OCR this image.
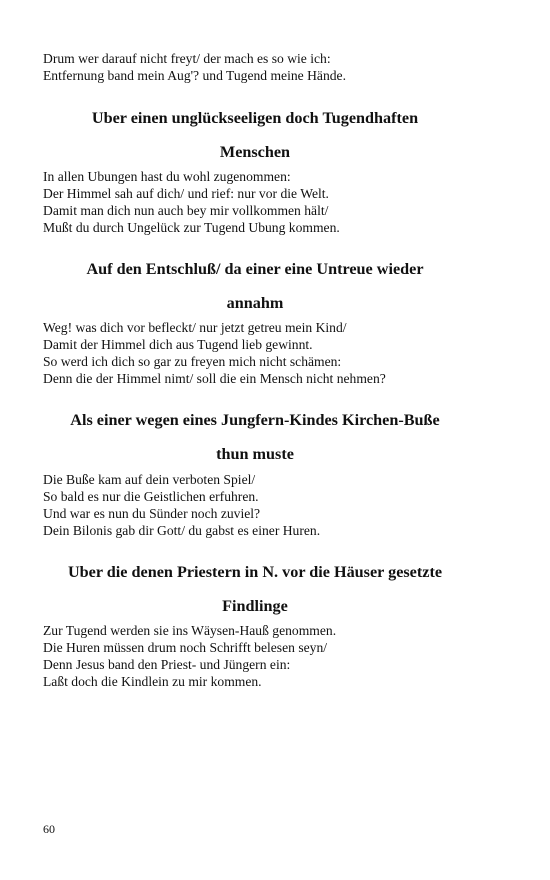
Drum wer darauf nicht freyt/ der mach es so wie ich:
Entfernung band mein Aug'? und Tugend meine Hände.
Uber einen unglückseeligen doch Tugendhaften
Menschen
In allen Ubungen hast du wohl zugenommen:
Der Himmel sah auf dich/ und rief: nur vor die Welt.
Damit man dich nun auch bey mir vollkommen hält/
Mußt du durch Ungelück zur Tugend Ubung kommen.
Auf den Entschluß/ da einer eine Untreue wieder
annahm
Weg! was dich vor befleckt/ nur jetzt getreu mein Kind/
Damit der Himmel dich aus Tugend lieb gewinnt.
So werd ich dich so gar zu freyen mich nicht schämen:
Denn die der Himmel nimt/ soll die ein Mensch nicht nehmen?
Als einer wegen eines Jungfern-Kindes Kirchen-Buße
thun muste
Die Buße kam auf dein verboten Spiel/
So bald es nur die Geistlichen erfuhren.
Und war es nun du Sünder noch zuviel?
Dein Bilonis gab dir Gott/ du gabst es einer Huren.
Uber die denen Priestern in N. vor die Häuser gesetzte
Findlinge
Zur Tugend werden sie ins Wäysen-Hauß genommen.
Die Huren müssen drum noch Schrifft belesen seyn/
Denn Jesus band den Priest- und Jüngern ein:
Laßt doch die Kindlein zu mir kommen.
60
